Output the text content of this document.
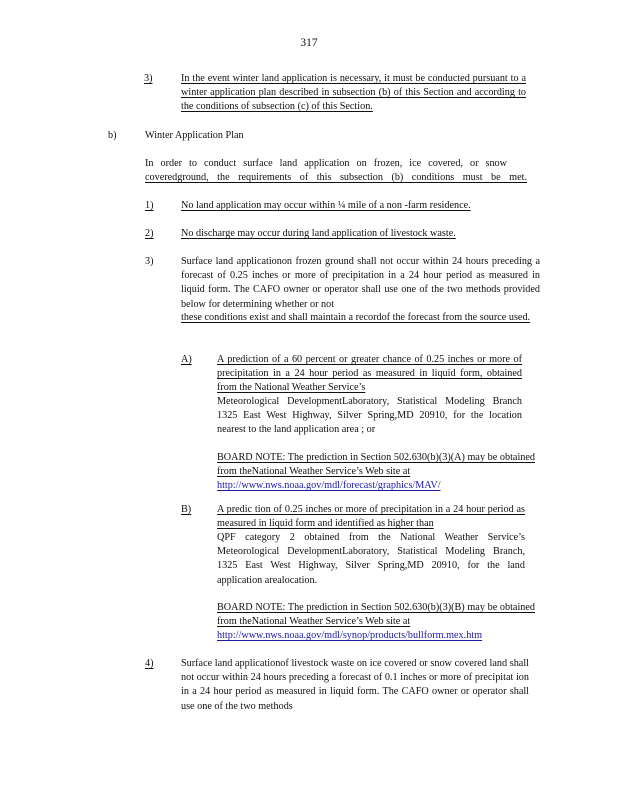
317
3)	In the event winter land application is necessary, it must be conducted pursuant to a winter application plan described in subsection (b) of this Section and according to the conditions of subsection (c) of this Section.
b)	Winter Application Plan
In order to conduct surface land application on frozen, ice covered, or snow
coveredground, the requirements of this subsection (b) conditions must be met.
1)	No land application may occur within ¼ mile of a non -farm residence.
2)	No discharge may occur during land application of livestock waste.
3)	Surface land applicationon frozen ground shall not occur within 24 hours preceding a forecast of 0.25 inches or more of precipitation in a 24 hour period as measured in liquid form. The CAFO owner or operator shall use one of the two methods provided below for determining whether or not
these conditions exist and shall maintain a recordof the forecast from the source used.
A) A prediction of a 60 percent or greater chance of 0.25 inches or more of precipitation in a 24 hour period as measured in liquid form, obtained from the National Weather Service’s
Meteorological DevelopmentLaboratory, Statistical Modeling Branch 1325 East West Highway, Silver Spring,MD 20910, for the location nearest to the land application area ; or
BOARD NOTE: The prediction in Section 502.630(b)(3)(A) may be obtained from theNational Weather Service’s Web site at
http://www.nws.noaa.gov/mdl/forecast/graphics/MAV/
B)	A predic tion of 0.25 inches or more of precipitation in a 24 hour period as measured in liquid form and identified as higher than
QPF category 2 obtained from the National Weather Service’s Meteorological DevelopmentLaboratory, Statistical Modeling Branch, 1325 East West Highway, Silver Spring,MD 20910, for the land application arealocation.
BOARD NOTE: The prediction in Section 502.630(b)(3)(B) may be obtained from theNational Weather Service’s Web site at
http://www.nws.noaa.gov/mdl/synop/products/bullform.mex.htm
4)	Surface land applicationof livestock waste on ice covered or snow covered land shall not occur within 24 hours preceding a forecast of 0.1 inches or more of precipitat ion in a 24 hour period as measured in liquid form. The CAFO owner or operator shall use one of the two methods
